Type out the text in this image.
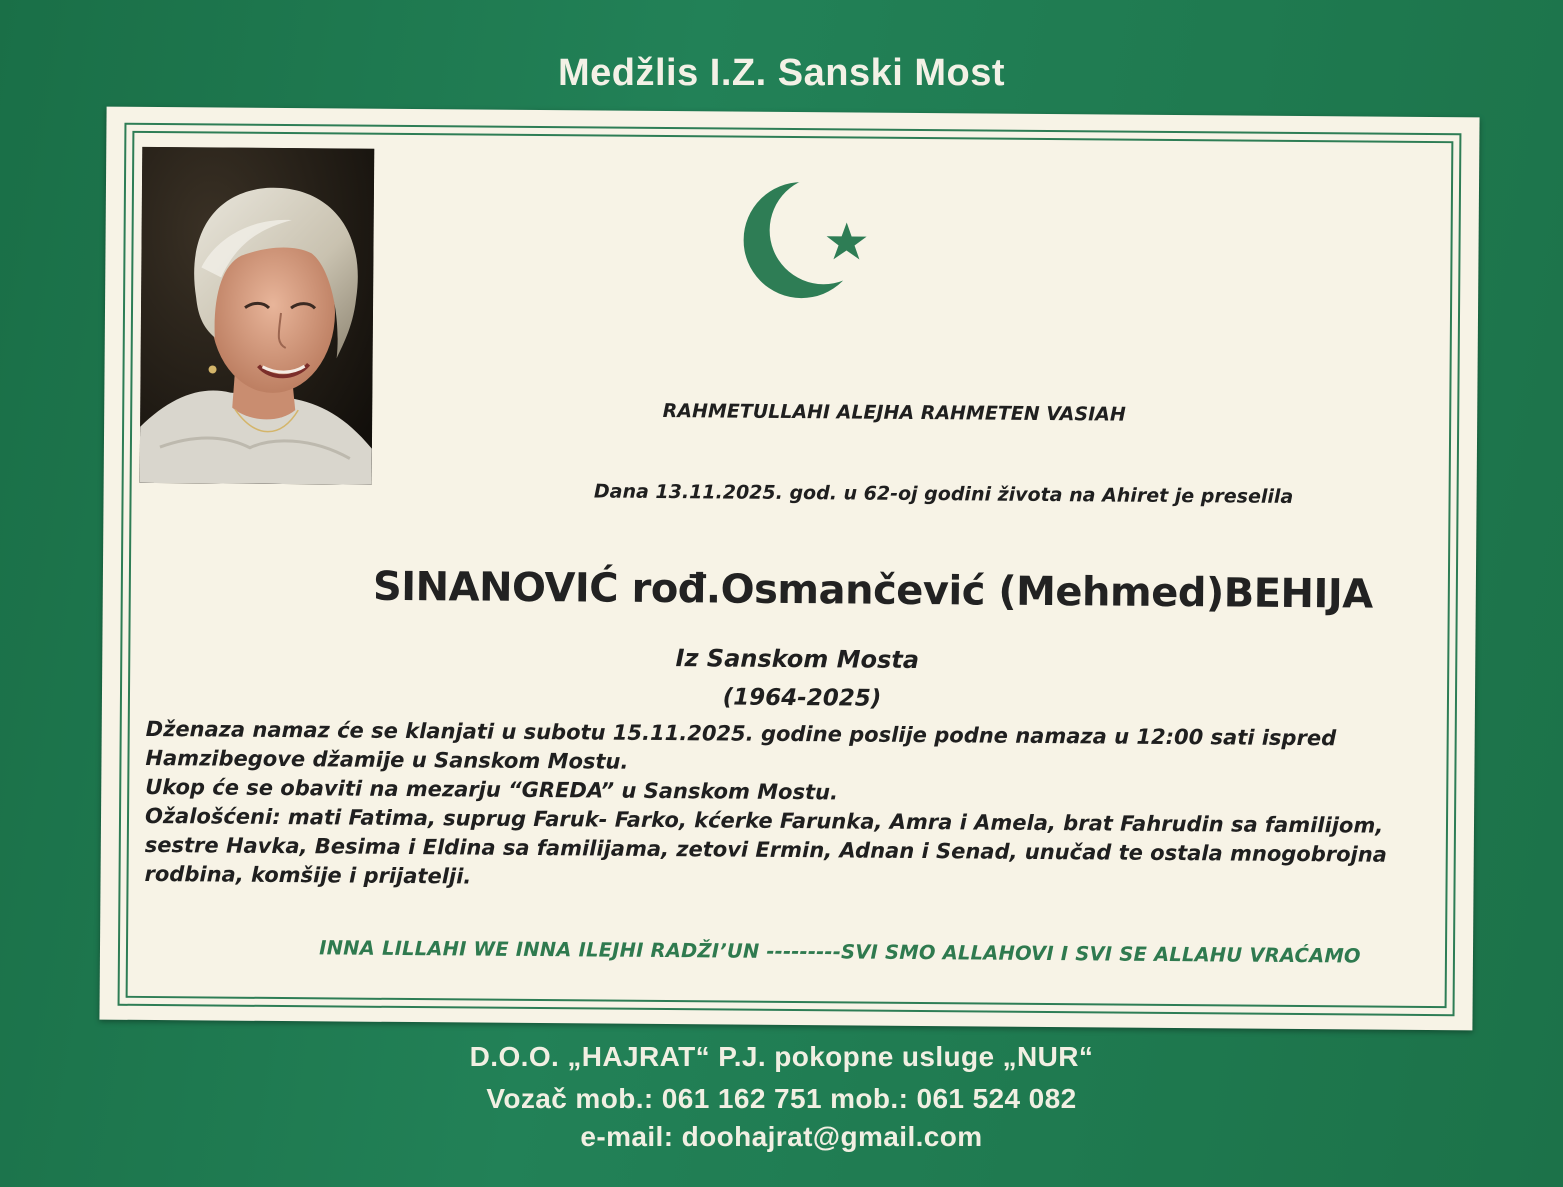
Medžlis I.Z. Sanski Most
RAHMETULLAHI ALEJHA RAHMETEN VASIAH
Dana 13.11.2025. god. u 62-oj godini života na Ahiret je preselila
SINANOVIĆ rođ.Osmančević (Mehmed)BEHIJA
Iz Sanskom Mosta
(1964-2025)

Dženaza namaz će se klanjati u subotu 15.11.2025. godine poslije podne namaza u 12:00 sati ispred Hamzibegove džamije u Sanskom Mostu.

Ukop će se obaviti na mezarju “GREDA” u Sanskom Mostu.

Ožalošćeni: mati Fatima, suprug Faruk- Farko, kćerke Farunka, Amra i Amela, brat Fahrudin sa familijom, sestre Havka, Besima i Eldina sa familijama, zetovi Ermin, Adnan i Senad, unučad te ostala mnogobrojna rodbina, komšije i prijatelji.

INNA LILLAHI WE INNA ILEJHI RADŽI’UN ---------SVI SMO ALLAHOVI I SVI SE ALLAHU VRAĆAMO
D.O.O. „HAJRAT“ P.J. pokopne usluge „NUR“
Vozač mob.: 061 162 751 mob.: 061 524 082
e-mail: doohajrat@gmail.com
